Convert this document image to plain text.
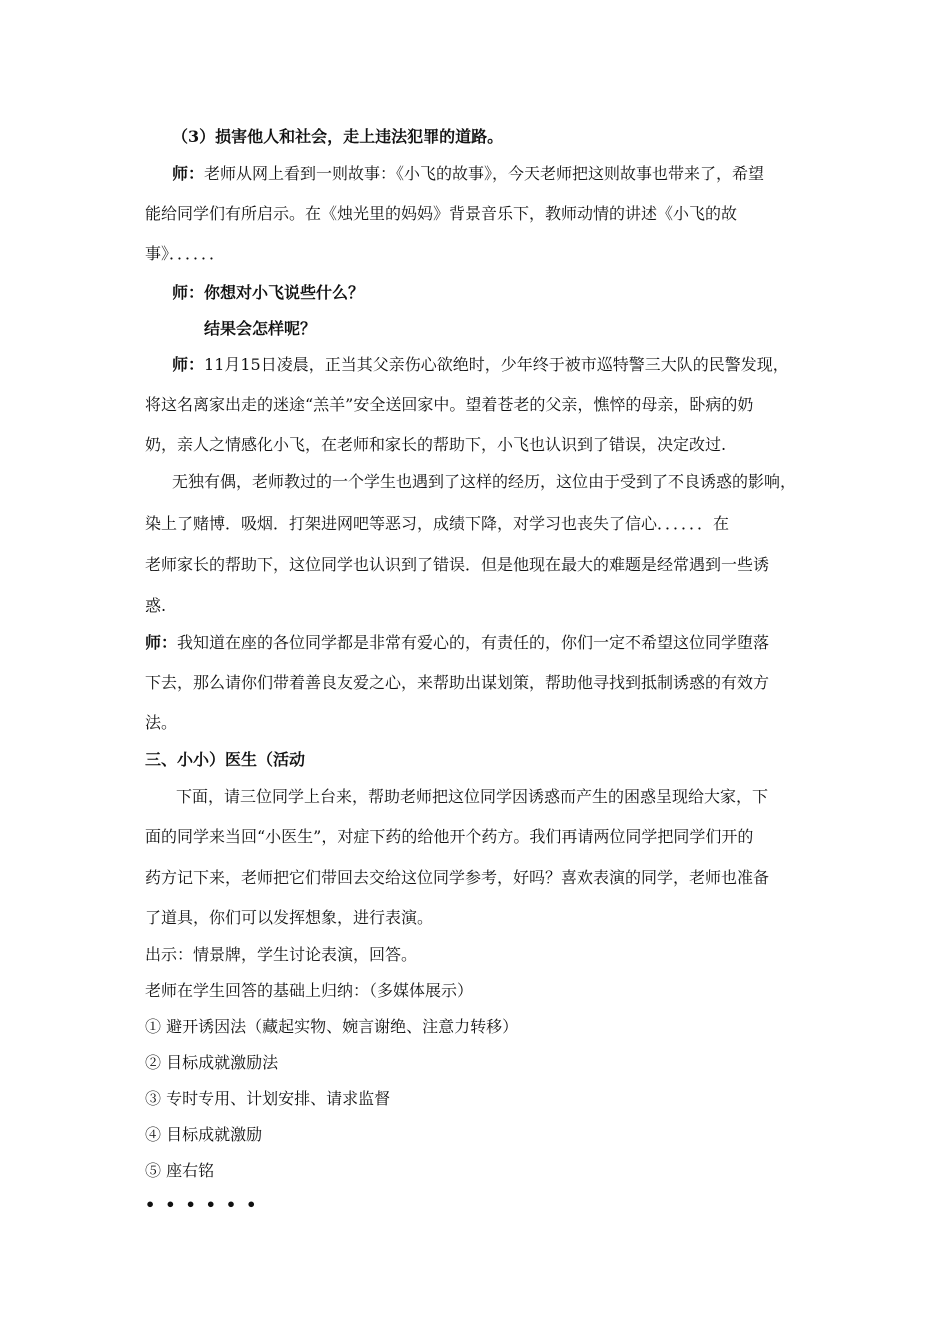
（3）损害他人和社会，走上违法犯罪的道路。
师：老师从网上看到一则故事：《小飞的故事》，今天老师把这则故事也带来了，希望
能给同学们有所启示。在《烛光里的妈妈》背景音乐下，教师动情的讲述《小飞的故
事》．．．．．．
师：你想对小飞说些什么？
结果会怎样呢？
师：11月15日凌晨，正当其父亲伤心欲绝时，少年终于被市巡特警三大队的民警发现，
将这名离家出走的迷途“羔羊”安全送回家中。望着苍老的父亲，憔悴的母亲，卧病的奶
奶，亲人之情感化小飞，在老师和家长的帮助下，小飞也认识到了错误，决定改过.
无独有偶，老师教过的一个学生也遇到了这样的经历，这位由于受到了不良诱惑的影响，
染上了赌博．吸烟．打架进网吧等恶习，成绩下降，对学习也丧失了信心．．．．．．在
老师家长的帮助下，这位同学也认识到了错误．但是他现在最大的难题是经常遇到一些诱
惑.
师：我知道在座的各位同学都是非常有爱心的，有责任的，你们一定不希望这位同学堕落
下去，那么请你们带着善良友爱之心，来帮助出谋划策，帮助他寻找到抵制诱惑的有效方
法。
三、小小）医生（活动
下面，请三位同学上台来，帮助老师把这位同学因诱惑而产生的困惑呈现给大家，下
面的同学来当回“小医生”，对症下药的给他开个药方。我们再请两位同学把同学们开的
药方记下来，老师把它们带回去交给这位同学参考，好吗？喜欢表演的同学，老师也准备
了道具，你们可以发挥想象，进行表演。
出示：情景牌，学生讨论表演，回答。
老师在学生回答的基础上归纳：（多媒体展示）
① 避开诱因法（藏起实物、婉言谢绝、注意力转移）
② 目标成就激励法
③ 专时专用、计划安排、请求监督
④ 目标成就激励
⑤ 座右铭
••••••
